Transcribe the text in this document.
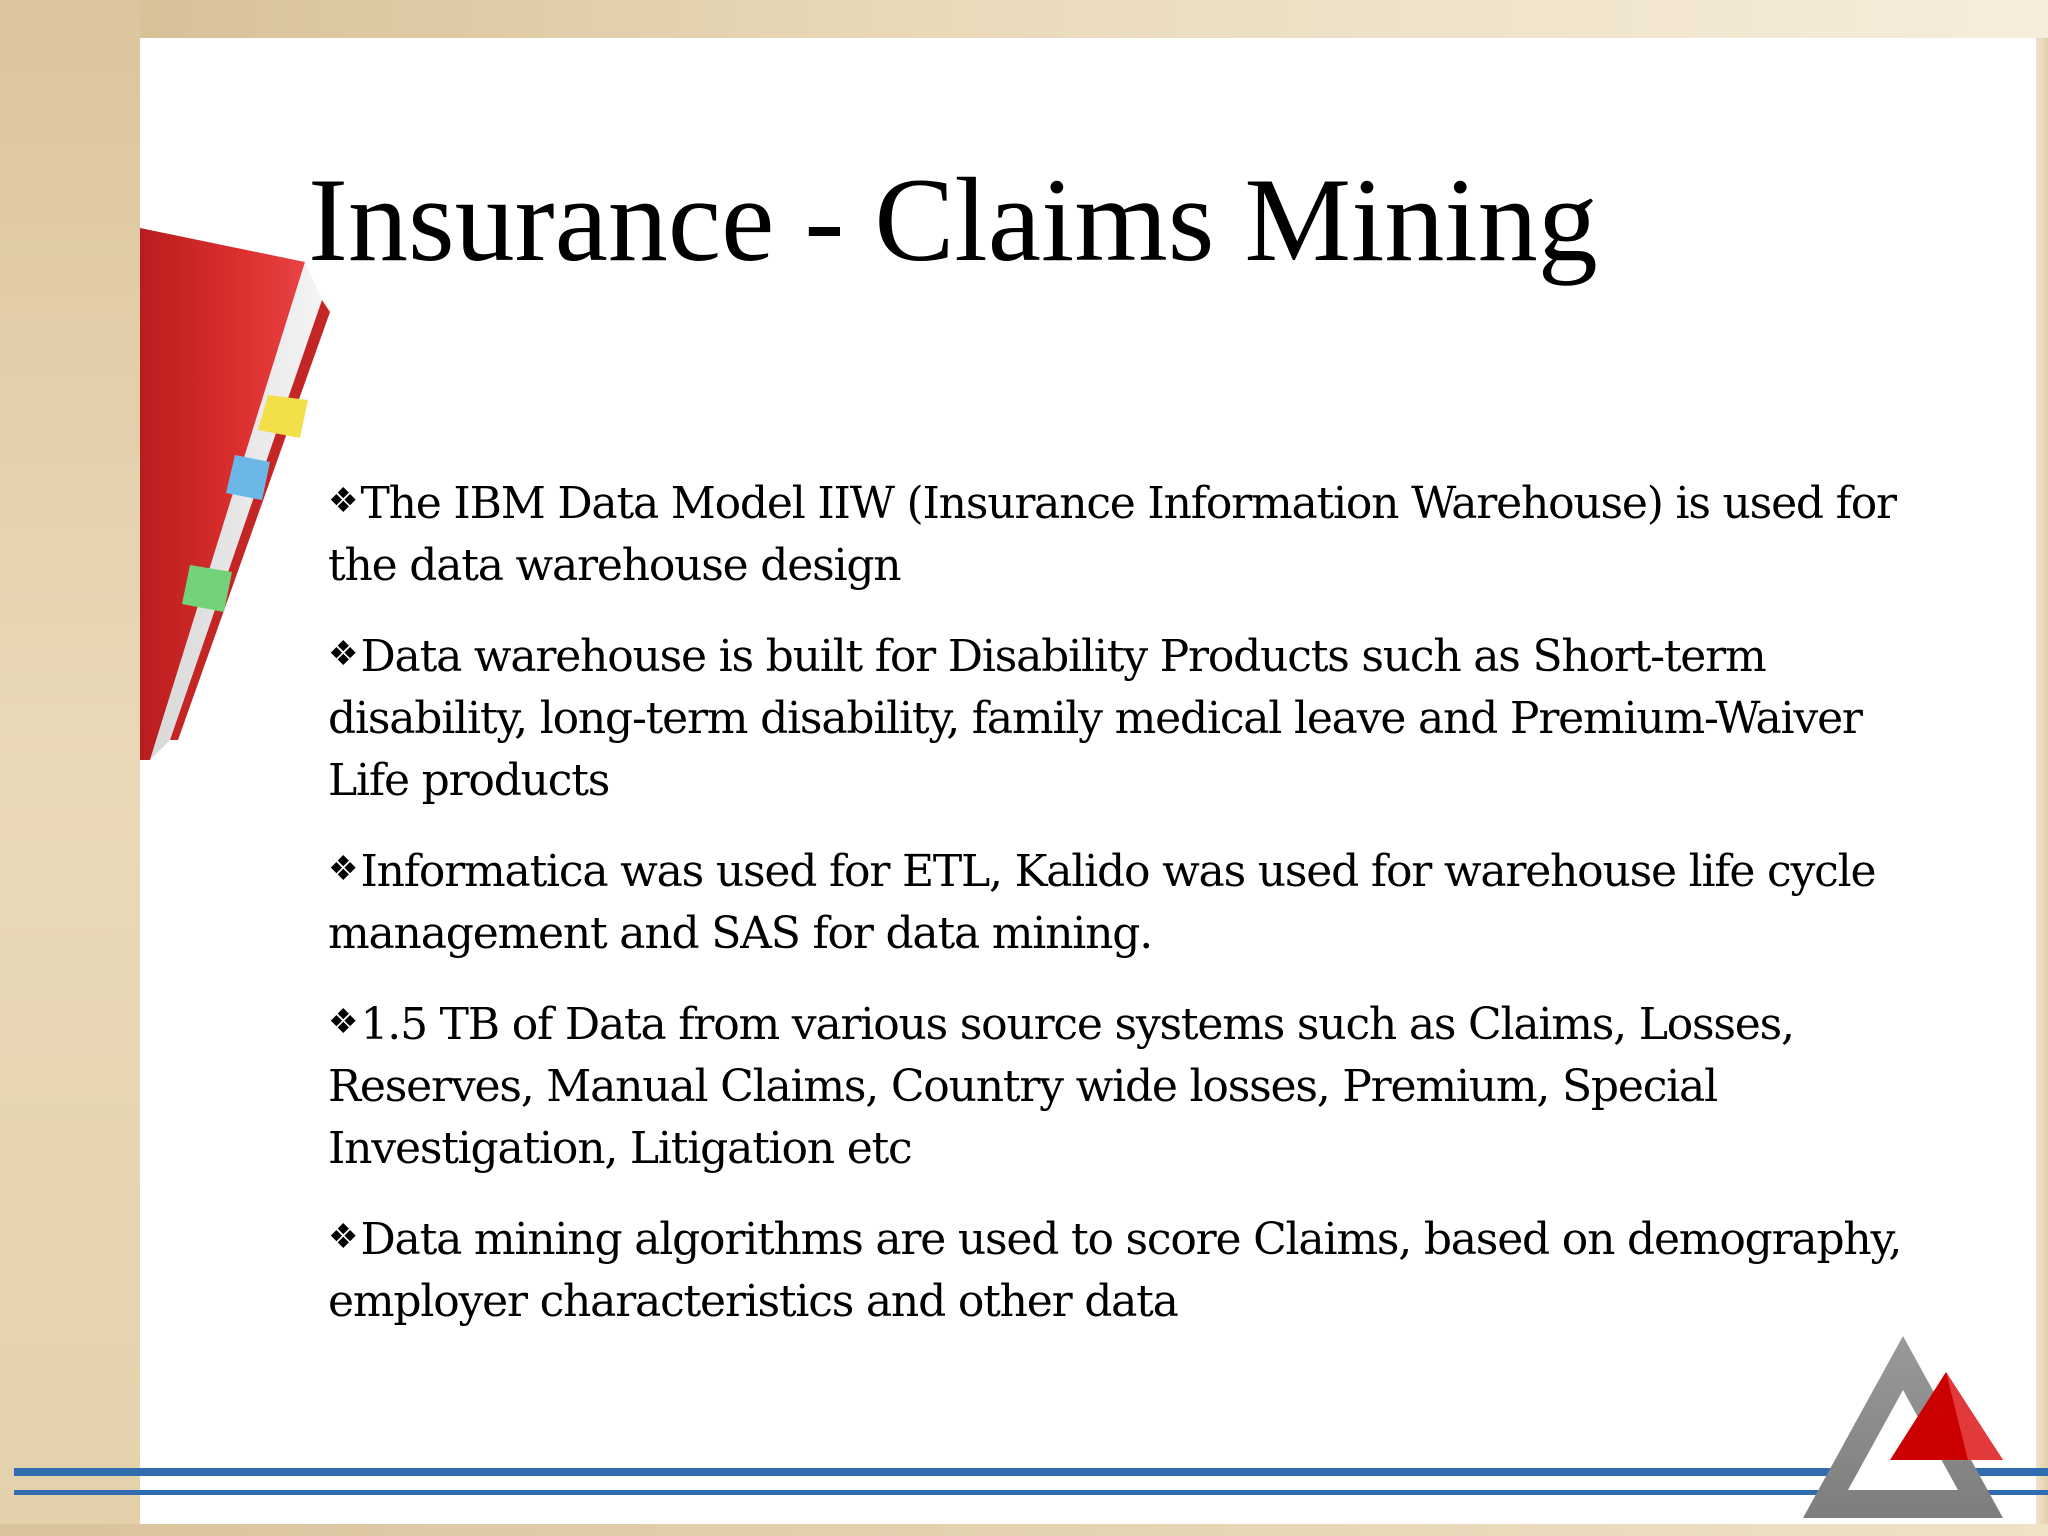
Insurance - Claims Mining
❖The IBM Data Model IIW (Insurance Information Warehouse) is used for the data warehouse design
❖Data warehouse is built for Disability Products such as Short-term disability, long-term disability, family medical leave and Premium-Waiver Life products
❖Informatica was used for ETL, Kalido was used for warehouse life cycle management and SAS for data mining.
❖1.5 TB of Data from various source systems such as Claims, Losses, Reserves, Manual Claims, Country wide losses, Premium, Special Investigation, Litigation etc
❖Data mining algorithms are used to score Claims, based on demography, employer characteristics and other data
